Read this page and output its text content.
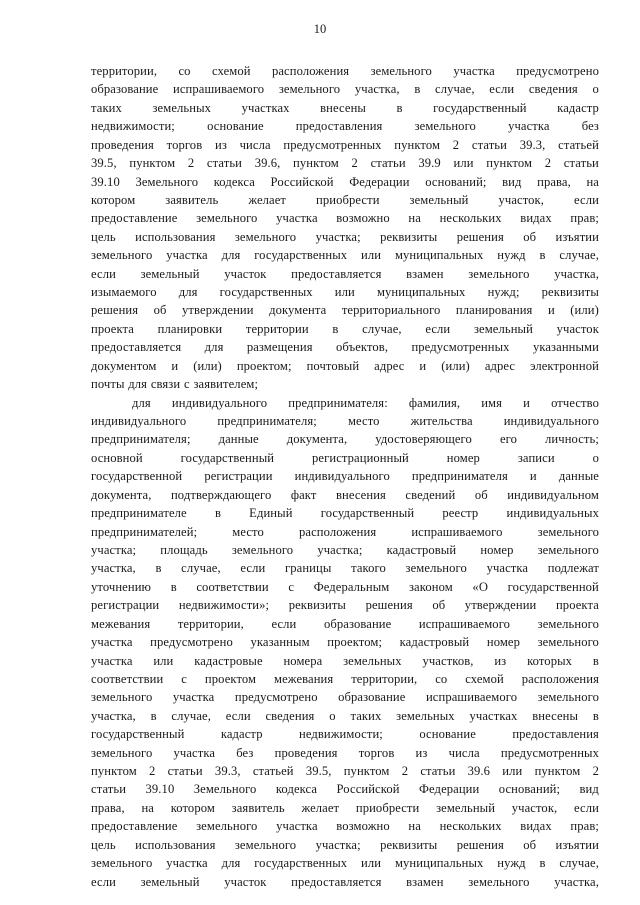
10
территории, со схемой расположения земельного участка предусмотрено
образование испрашиваемого земельного участка, в случае, если сведения о
таких земельных участках внесены в государственный кадастр
недвижимости;	основание	предоставления	земельного	участка	без
проведения торгов из числа предусмотренных пунктом 2 статьи 39.3, статьей
39.5, пунктом 2 статьи 39.6, пунктом 2 статьи 39.9 или пунктом 2 статьи
39.10 Земельного кодекса Российской Федерации оснований; вид права, на
котором заявитель желает приобрести земельный участок, если
предоставление земельного участка возможно на нескольких видах прав;
цель использования земельного участка; реквизиты решения об изъятии
земельного участка для государственных или муниципальных нужд в случае,
если земельный участок предоставляется взамен земельного участка,
изымаемого для государственных или муниципальных нужд; реквизиты
решения об утверждении документа территориального планирования и (или)
проекта планировки территории в случае, если земельный участок
предоставляется для размещения объектов, предусмотренных указанными
документом и (или) проектом; почтовый адрес и (или) адрес электронной
почты для связи с заявителем;
для индивидуального предпринимателя: фамилия, имя и отчество
индивидуального предпринимателя; место жительства индивидуального
предпринимателя; данные документа, удостоверяющего его личность;
основной	государственный	регистрационный	номер	записи	о
государственной регистрации индивидуального предпринимателя и данные
документа, подтверждающего факт внесения сведений об индивидуальном
предпринимателе в Единый государственный реестр индивидуальных
предпринимателей;	место	расположения	испрашиваемого	земельного
участка; площадь земельного участка; кадастровый номер земельного
участка, в случае, если границы такого земельного участка подлежат
уточнению в соответствии с Федеральным законом «О государственной
регистрации недвижимости»; реквизиты решения об утверждении проекта
межевания территории, если образование испрашиваемого земельного
участка предусмотрено указанным проектом; кадастровый номер земельного
участка или кадастровые номера земельных участков, из которых в
соответствии с проектом межевания территории, со схемой расположения
земельного участка предусмотрено образование испрашиваемого земельного
участка, в случае, если сведения о таких земельных участках внесены в
государственный	кадастр	недвижимости;	основание	предоставления
земельного участка без проведения торгов из числа предусмотренных
пунктом 2 статьи 39.3, статьей 39.5, пунктом 2 статьи 39.6 или пунктом 2
статьи 39.10 Земельного кодекса Российской Федерации оснований; вид
права, на котором заявитель желает приобрести земельный участок, если
предоставление земельного участка возможно на нескольких видах прав;
цель использования земельного участка; реквизиты решения об изъятии
земельного участка для государственных или муниципальных нужд в случае,
если земельный участок предоставляется взамен земельного участка,
